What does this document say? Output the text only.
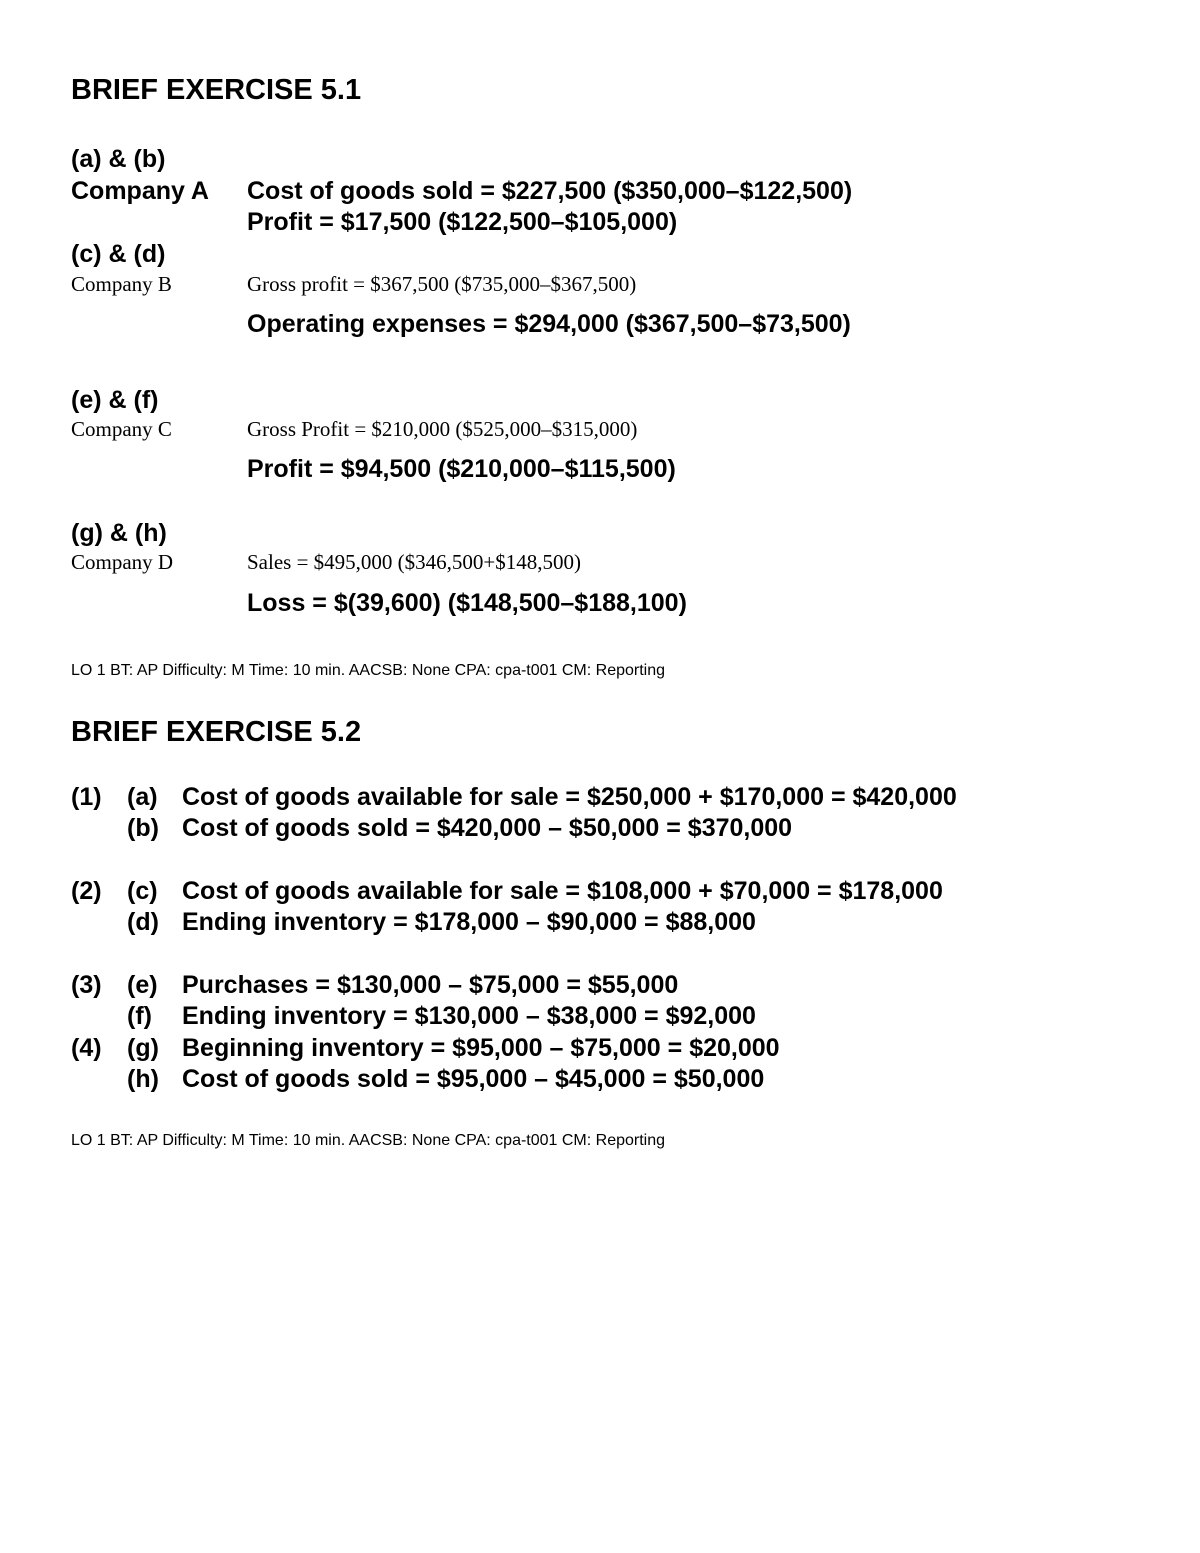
BRIEF EXERCISE 5.1
(a) & (b)
Company A Cost of goods sold = $227,500 ($350,000–$122,500)
Profit = $17,500 ($122,500–$105,000)
(c) & (d)
Company B	Gross profit = $367,500 ($735,000–$367,500)
Operating expenses = $294,000 ($367,500–$73,500)
(e) & (f)
Company C	Gross Profit = $210,000 ($525,000–$315,000)
Profit = $94,500 ($210,000–$115,500)
(g) & (h)
Company D	Sales = $495,000 ($346,500+$148,500)
Loss = $(39,600) ($148,500–$188,100)
LO 1 BT: AP Difficulty: M Time: 10 min. AACSB: None CPA: cpa-t001 CM: Reporting
BRIEF EXERCISE 5.2
(1) (a) Cost of goods available for sale = $250,000 + $170,000 = $420,000
(b) Cost of goods sold = $420,000 – $50,000 = $370,000
(2) (c) Cost of goods available for sale = $108,000 + $70,000 = $178,000
(d) Ending inventory = $178,000 – $90,000 = $88,000
(3) (e) Purchases = $130,000 – $75,000 = $55,000
(f) Ending inventory = $130,000 – $38,000 = $92,000
(4) (g) Beginning inventory = $95,000 – $75,000 = $20,000
(h) Cost of goods sold = $95,000 – $45,000 = $50,000
LO 1 BT: AP Difficulty: M Time: 10 min. AACSB: None CPA: cpa-t001 CM: Reporting
